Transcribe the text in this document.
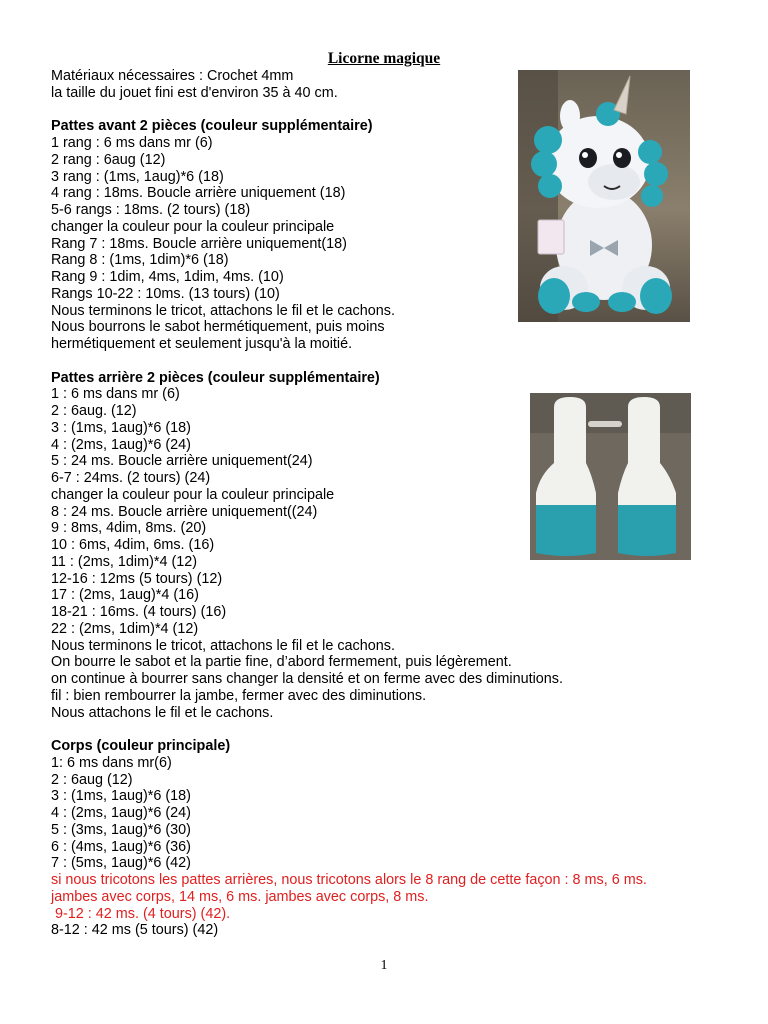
Licorne magique
Matériaux nécessaires : Crochet 4mm
la taille du jouet fini est d'environ 35 à 40 cm.
Pattes avant 2 pièces (couleur supplémentaire)
1 rang : 6 ms dans mr (6)
2 rang : 6aug (12)
3 rang : (1ms, 1aug)*6 (18)
4 rang : 18ms. Boucle arrière uniquement (18)
5-6 rangs : 18ms. (2 tours) (18)
changer la couleur pour la couleur principale
Rang 7 : 18ms. Boucle arrière uniquement(18)
Rang 8 : (1ms, 1dim)*6 (18)
Rang 9 : 1dim, 4ms, 1dim, 4ms. (10)
Rangs 10-22 : 10ms. (13 tours) (10)
Nous terminons le tricot, attachons le fil et le cachons.
Nous bourrons le sabot hermétiquement, puis moins
hermétiquement et seulement jusqu'à la moitié.
Pattes arrière 2 pièces (couleur supplémentaire)
1 : 6 ms dans mr (6)
2 : 6aug. (12)
3 : (1ms, 1aug)*6 (18)
4 : (2ms, 1aug)*6 (24)
5 : 24 ms. Boucle arrière uniquement(24)
6-7 : 24ms. (2 tours) (24)
changer la couleur pour la couleur principale
8 : 24 ms. Boucle arrière uniquement((24)
9 : 8ms, 4dim, 8ms. (20)
10 : 6ms, 4dim, 6ms. (16)
11 : (2ms, 1dim)*4 (12)
12-16 : 12ms (5 tours) (12)
17 : (2ms, 1aug)*4 (16)
18-21 : 16ms. (4 tours) (16)
22 : (2ms, 1dim)*4 (12)
Nous terminons le tricot, attachons le fil et le cachons.
On bourre le sabot et la partie fine, d’abord fermement, puis légèrement.
on continue à bourrer sans changer la densité et on ferme avec des diminutions.
fil : bien rembourrer la jambe, fermer avec des diminutions.
Nous attachons le fil et le cachons.
Corps (couleur principale)
1: 6 ms dans mr(6)
2 : 6aug (12)
3 : (1ms, 1aug)*6 (18)
4 : (2ms, 1aug)*6 (24)
5 : (3ms, 1aug)*6 (30)
6 : (4ms, 1aug)*6 (36)
7 : (5ms, 1aug)*6 (42)
si nous tricotons les pattes arrières, nous tricotons alors le 8 rang de cette façon : 8 ms, 6 ms.
jambes avec corps, 14 ms, 6 ms. jambes avec corps, 8 ms.
9-12 : 42 ms. (4 tours) (42).
8-12 : 42 ms (5 tours) (42)
1
